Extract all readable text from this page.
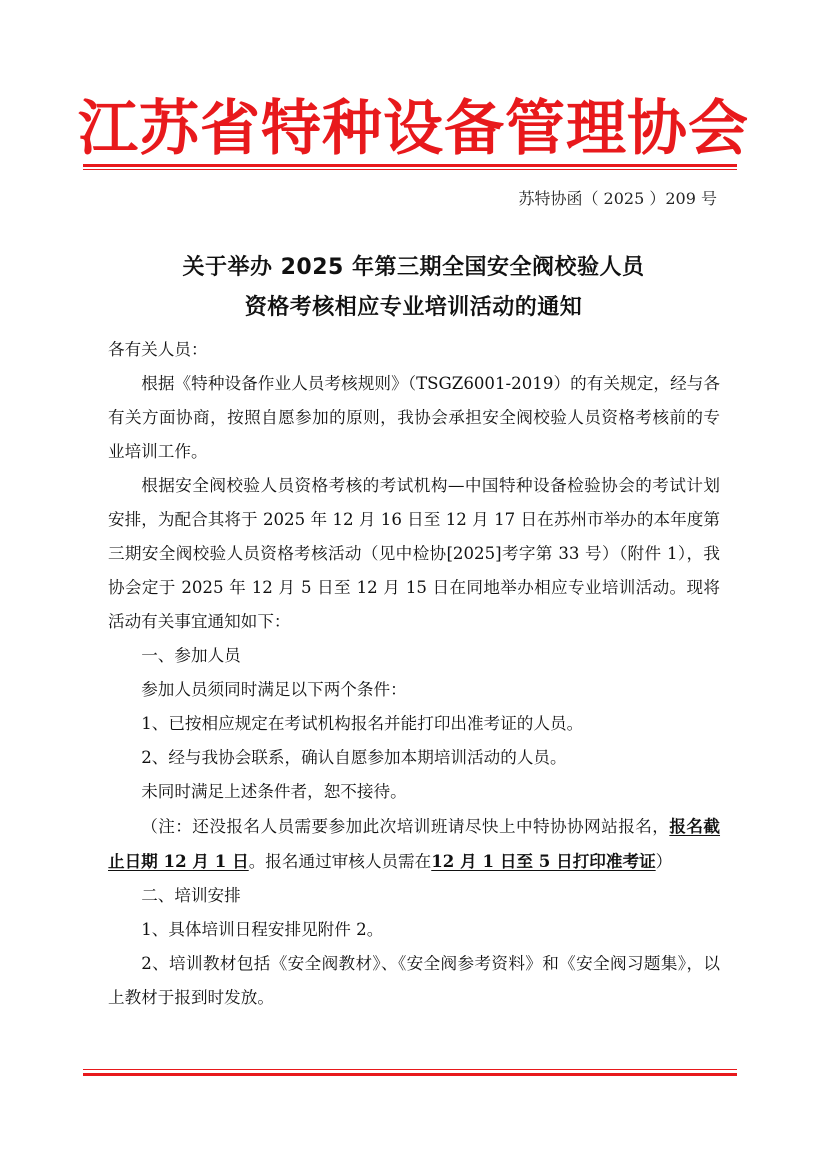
江苏省特种设备管理协会
苏特协函（ 2025 ）209 号
关于举办 2025 年第三期全国安全阀校验人员
资格考核相应专业培训活动的通知

各有关人员：

根据《特种设备作业人员考核规则》（TSGZ6001-2019）的有关规定，经与各有关方面协商，按照自愿参加的原则，我协会承担安全阀校验人员资格考核前的专业培训工作。

根据安全阀校验人员资格考核的考试机构—中国特种设备检验协会的考试计划安排，为配合其将于 2025 年 12 月 16 日至 12 月 17 日在苏州市举办的本年度第三期安全阀校验人员资格考核活动（见中检协[2025]考字第 33 号）（附件 1），我协会定于 2025 年 12 月 5 日至 12 月 15 日在同地举办相应专业培训活动。现将活动有关事宜通知如下：

一、参加人员

参加人员须同时满足以下两个条件：

1、已按相应规定在考试机构报名并能打印出准考证的人员。

2、经与我协会联系，确认自愿参加本期培训活动的人员。

未同时满足上述条件者，恕不接待。

（注：还没报名人员需要参加此次培训班请尽快上中特协协网站报名，报名截止日期 12 月 1 日。报名通过审核人员需在12 月 1 日至 5 日打印准考证）

二、培训安排

1、具体培训日程安排见附件 2。

2、培训教材包括《安全阀教材》、《安全阀参考资料》和《安全阀习题集》，以上教材于报到时发放。
